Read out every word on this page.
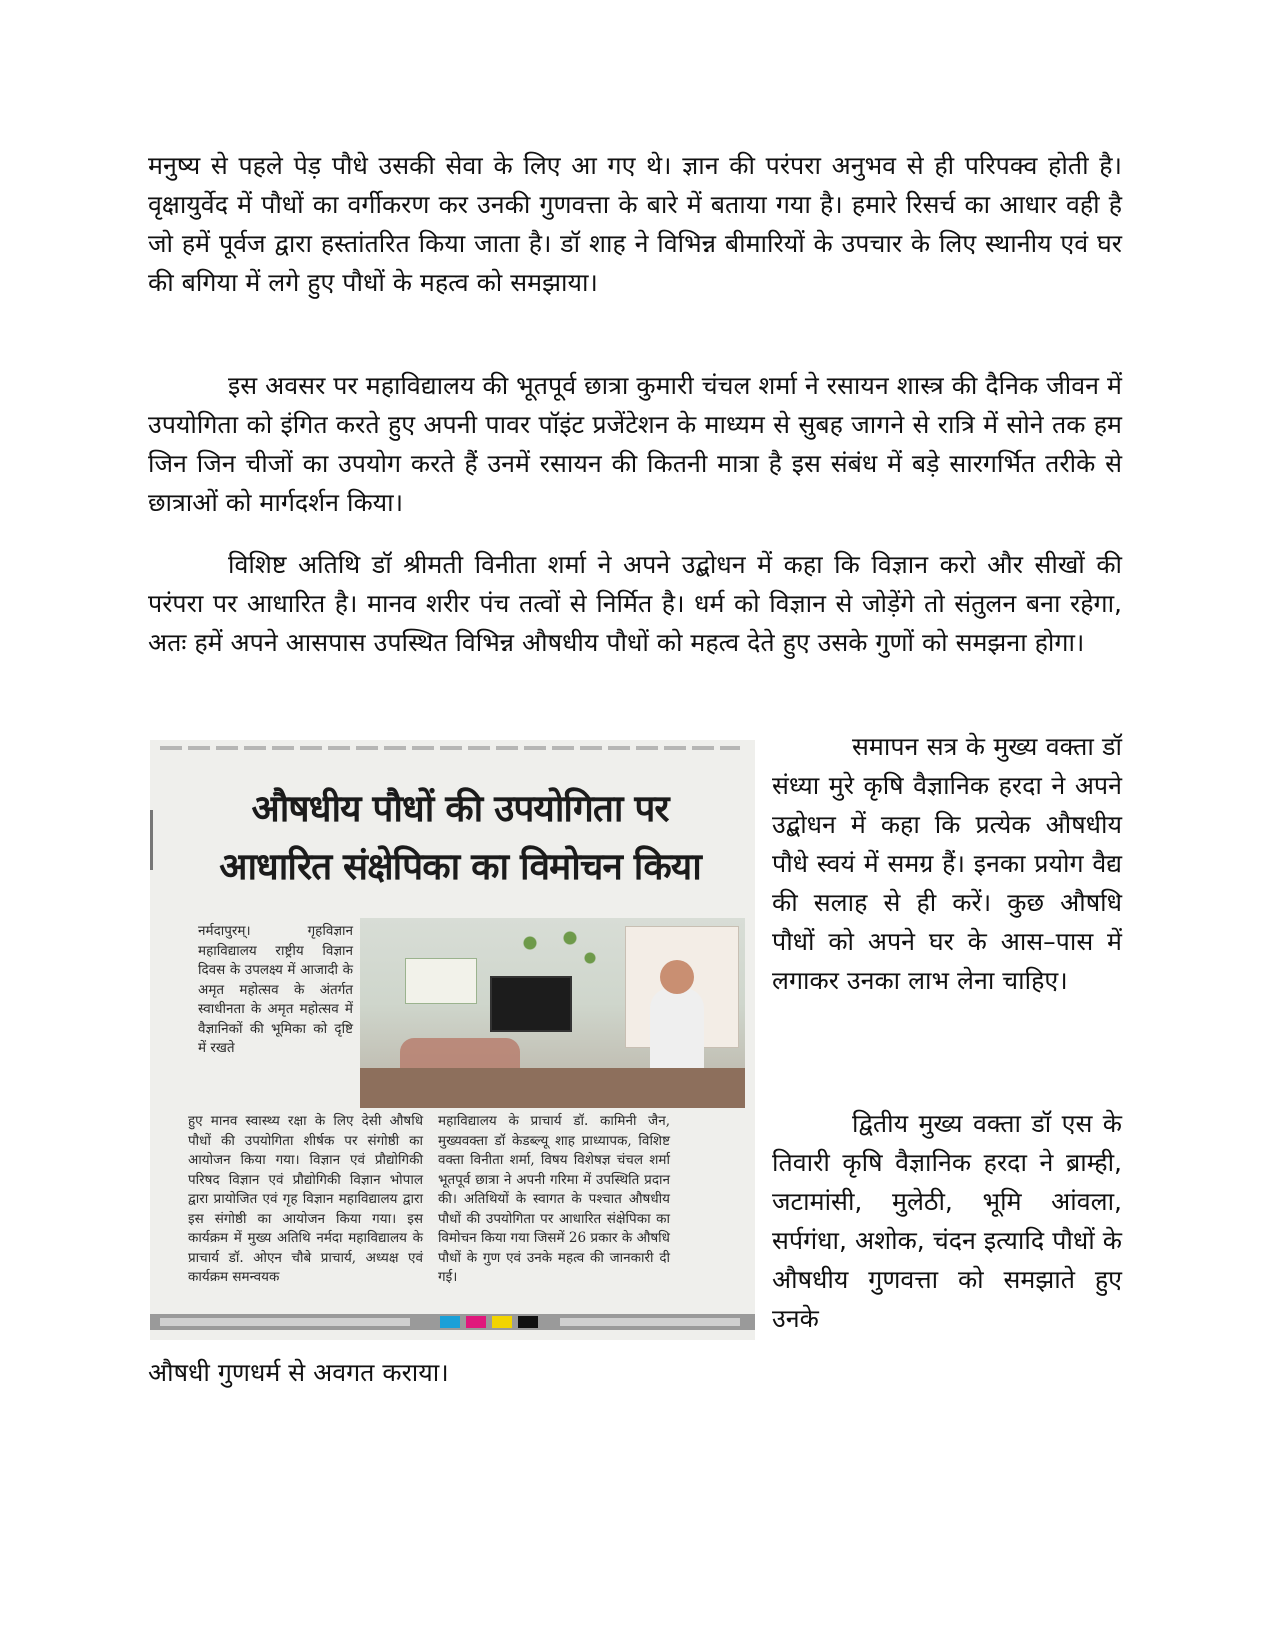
मनुष्य से पहले पेड़ पौधे उसकी सेवा के लिए आ गए थे। ज्ञान की परंपरा अनुभव से ही परिपक्व होती है। वृक्षायुर्वेद में पौधों का वर्गीकरण कर उनकी गुणवत्ता के बारे में बताया गया है। हमारे रिसर्च का आधार वही है जो हमें पूर्वज द्वारा हस्तांतरित किया जाता है। डॉ शाह ने विभिन्न बीमारियों के उपचार के लिए स्थानीय एवं घर की बगिया में लगे हुए पौधों के महत्व को समझाया।

इस अवसर पर महाविद्यालय की भूतपूर्व छात्रा कुमारी चंचल शर्मा ने रसायन शास्त्र की दैनिक जीवन में उपयोगिता को इंगित करते हुए अपनी पावर पॉइंट प्रजेंटेशन के माध्यम से सुबह जागने से रात्रि में सोने तक हम जिन जिन चीजों का उपयोग करते हैं उनमें रसायन की कितनी मात्रा है इस संबंध में बड़े सारगर्भित तरीके से छात्राओं को मार्गदर्शन किया।

विशिष्ट अतिथि डॉ श्रीमती विनीता शर्मा ने अपने उद्बोधन में कहा कि विज्ञान करो और सीखों की परंपरा पर आधारित है। मानव शरीर पंच तत्वों से निर्मित है। धर्म को विज्ञान से जोड़ेंगे तो संतुलन बना रहेगा, अतः हमें अपने आसपास उपस्थित विभिन्न औषधीय पौधों को महत्व देते हुए उसके गुणों को समझना होगा।

औषधीय पौधों की उपयोगिता पर
आधारित संक्षेपिका का विमोचन किया

नर्मदापुरम्। गृहविज्ञान महाविद्यालय राष्ट्रीय विज्ञान दिवस के उपलक्ष्य में आजादी के अमृत महोत्सव के अंतर्गत स्वाधीनता के अमृत महोत्सव में वैज्ञानिकों की भूमिका को दृष्टि में रखते

हुए मानव स्वास्थ्य रक्षा के लिए देसी औषधि पौधों की उपयोगिता शीर्षक पर संगोष्ठी का आयोजन किया गया। विज्ञान एवं प्रौद्योगिकी परिषद विज्ञान एवं प्रौद्योगिकी विज्ञान भोपाल द्वारा प्रायोजित एवं गृह विज्ञान महाविद्यालय द्वारा इस संगोष्ठी का आयोजन किया गया। इस कार्यक्रम में मुख्य अतिथि नर्मदा महाविद्यालय के प्राचार्य डॉ. ओएन चौबे प्राचार्य, अध्यक्ष एवं कार्यक्रम समन्वयक

महाविद्यालय के प्राचार्य डॉ. कामिनी जैन, मुख्यवक्ता डॉ केडब्ल्यू शाह प्राध्यापक, विशिष्ट वक्ता विनीता शर्मा, विषय विशेषज्ञ चंचल शर्मा भूतपूर्व छात्रा ने अपनी गरिमा में उपस्थिति प्रदान की। अतिथियों के स्वागत के पश्चात औषधीय पौधों की उपयोगिता पर आधारित संक्षेपिका का विमोचन किया गया जिसमें 26 प्रकार के औषधि पौधों के गुण एवं उनके महत्व की जानकारी दी गई।

समापन सत्र के मुख्य वक्ता डॉ संध्या मुरे कृषि वैज्ञानिक हरदा ने अपने उद्बोधन में कहा कि प्रत्येक औषधीय पौधे स्वयं में समग्र हैं। इनका प्रयोग वैद्य की सलाह से ही करें। कुछ औषधि पौधों को अपने घर के आस–पास में लगाकर उनका लाभ लेना चाहिए।

द्वितीय मुख्य वक्ता डॉ एस के तिवारी कृषि वैज्ञानिक हरदा ने ब्राम्ही, जटामांसी, मुलेठी, भूमि आंवला, सर्पगंधा, अशोक, चंदन इत्यादि पौधों के औषधीय गुणवत्ता को समझाते हुए उनके

औषधी गुणधर्म से अवगत कराया।
